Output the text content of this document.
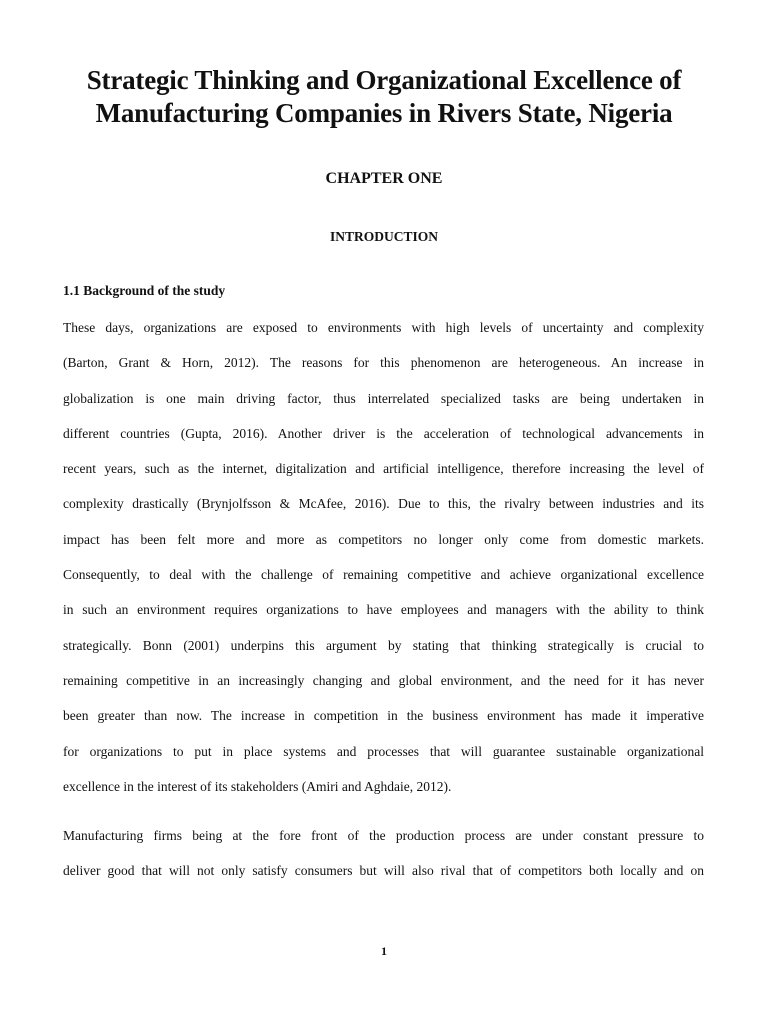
Strategic Thinking and Organizational Excellence of
Manufacturing Companies in Rivers State, Nigeria
CHAPTER ONE
INTRODUCTION
1.1 Background of the study
These days, organizations are exposed to environments with high levels of uncertainty and complexity
(Barton, Grant & Horn, 2012). The reasons for this phenomenon are heterogeneous. An increase in
globalization is one main driving factor, thus interrelated specialized tasks are being undertaken in
different countries (Gupta, 2016). Another driver is the acceleration of technological advancements in
recent years, such as the internet, digitalization and artificial intelligence, therefore increasing the level of
complexity drastically (Brynjolfsson & McAfee, 2016). Due to this, the rivalry between industries and its
impact has been felt more and more as competitors no longer only come from domestic markets.
Consequently, to deal with the challenge of remaining competitive and achieve organizational excellence
in such an environment requires organizations to have employees and managers with the ability to think
strategically. Bonn (2001) underpins this argument by stating that thinking strategically is crucial to
remaining competitive in an increasingly changing and global environment, and the need for it has never
been greater than now. The increase in competition in the business environment has made it imperative
for organizations to put in place systems and processes that will guarantee sustainable organizational
excellence in the interest of its stakeholders (Amiri and Aghdaie, 2012).
Manufacturing firms being at the fore front of the production process are under constant pressure to
deliver good that will not only satisfy consumers but will also rival that of competitors both locally and on
1
